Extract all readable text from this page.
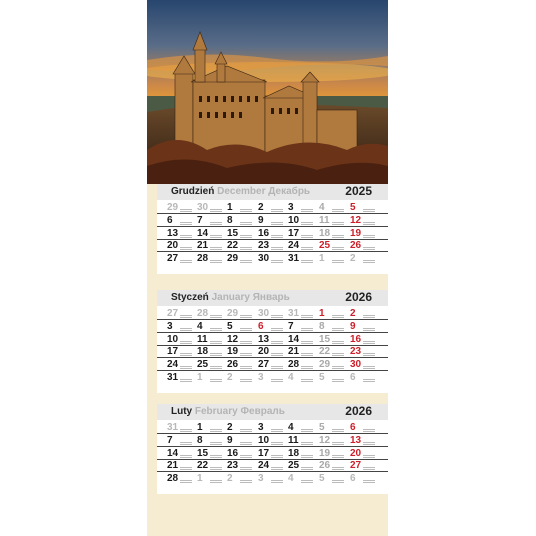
Grudzień December Декабрь	2025
29 30 1	2 3	4	5
6 7 8	9 10 11 12
13 14 15 16 17 18 19
20 21 22 23 24 25 26
27 28 29 30 31 1	2
Styczeń January Январь	2026
27 28 29 30 31 1	2
3 4 5	6 7	8	9
10 11 12 13 14 15 16
17 18 19 20 21 22 23
24 25 26 27 28 29 30
31 1 2	3 4	5	6
Luty February Февраль	2026
31 1 2	3 4	5	6
7 8 9	10 11 12 13
14 15 16 17 18 19 20
21 22 23 24 25 26 27
28 1 2	3 4	5	6
